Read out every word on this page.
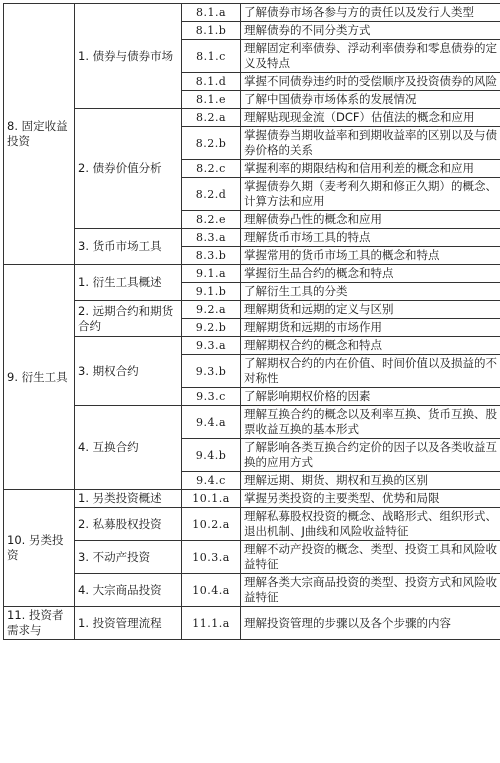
8. 固定收益投资	1. 债券与债券市场	8.1.a	了解债券市场各参与方的责任以及发行人类型
		8.1.b	理解债券的不同分类方式
		8.1.c	理解固定利率债券、浮动利率债券和零息债券的定义及特点
		8.1.d	掌握不同债券违约时的受偿顺序及投资债券的风险
		8.1.e	了解中国债券市场体系的发展情况
	2. 债券价值分析	8.2.a	理解贴现现金流（DCF）估值法的概念和应用
		8.2.b	掌握债券当期收益率和到期收益率的区别以及与债券价格的关系
		8.2.c	掌握利率的期限结构和信用利差的概念和应用
		8.2.d	掌握债券久期（麦考利久期和修正久期）的概念、计算方法和应用
		8.2.e	理解债券凸性的概念和应用
	3. 货币市场工具	8.3.a	理解货币市场工具的特点
		8.3.b	掌握常用的货币市场工具的概念和特点
9. 衍生工具	1. 衍生工具概述	9.1.a	掌握衍生品合约的概念和特点
		9.1.b	了解衍生工具的分类
	2. 远期合约和期货合约	9.2.a	理解期货和远期的定义与区别
		9.2.b	理解期货和远期的市场作用
	3. 期权合约	9.3.a	理解期权合约的概念和特点
		9.3.b	了解期权合约的内在价值、时间价值以及损益的不对称性
		9.3.c	了解影响期权价格的因素
	4. 互换合约	9.4.a	理解互换合约的概念以及利率互换、货币互换、股票收益互换的基本形式
		9.4.b	了解影响各类互换合约定价的因子以及各类收益互换的应用方式
		9.4.c	理解远期、期货、期权和互换的区别
10. 另类投资	1. 另类投资概述	10.1.a	掌握另类投资的主要类型、优势和局限
	2. 私募股权投资	10.2.a	理解私募股权投资的概念、战略形式、组织形式、退出机制、J曲线和风险收益特征
	3. 不动产投资	10.3.a	理解不动产投资的概念、类型、投资工具和风险收益特征
	4. 大宗商品投资	10.4.a	理解各类大宗商品投资的类型、投资方式和风险收益特征
11. 投资者需求与	1. 投资管理流程	11.1.a	理解投资管理的步骤以及各个步骤的内容
